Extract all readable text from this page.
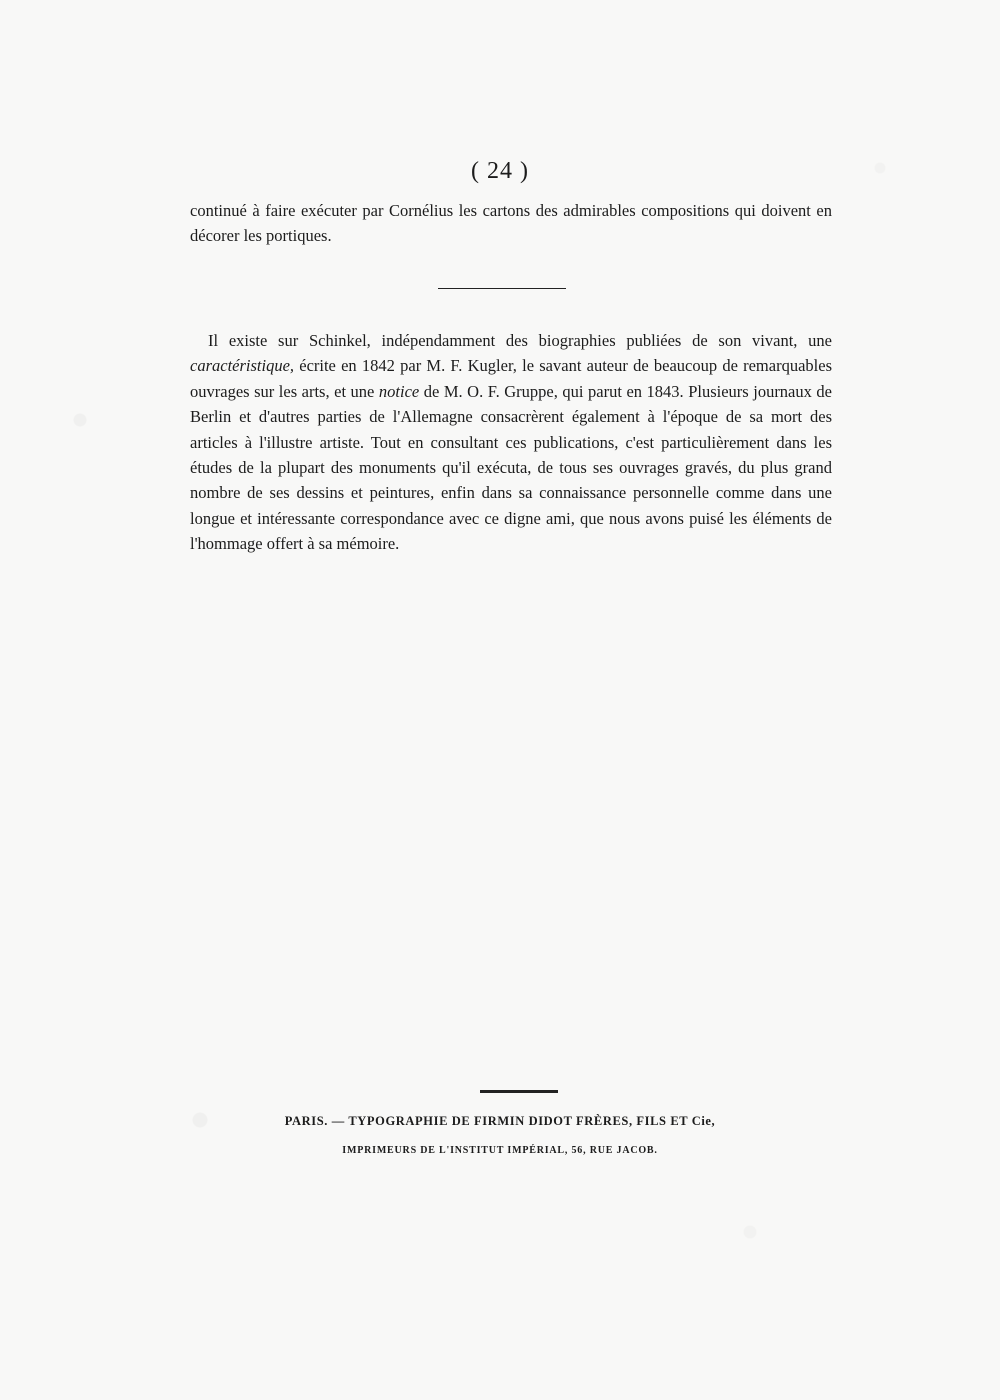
( 24 )

continué à faire exécuter par Cornélius les cartons des admirables compositions qui doivent en décorer les portiques.

Il existe sur Schinkel, indépendamment des biographies publiées de son vivant, une caractéristique, écrite en 1842 par M. F. Kugler, le savant auteur de beaucoup de remarquables ouvrages sur les arts, et une notice de M. O. F. Gruppe, qui parut en 1843. Plusieurs journaux de Berlin et d'autres parties de l'Allemagne consacrèrent également à l'époque de sa mort des articles à l'illustre artiste. Tout en consultant ces publications, c'est particulièrement dans les études de la plupart des monuments qu'il exécuta, de tous ses ouvrages gravés, du plus grand nombre de ses dessins et peintures, enfin dans sa connaissance personnelle comme dans une longue et intéressante correspondance avec ce digne ami, que nous avons puisé les éléments de l'hommage offert à sa mémoire.

PARIS. — TYPOGRAPHIE DE FIRMIN DIDOT FRÈRES, FILS ET Cie,
IMPRIMEURS DE L'INSTITUT IMPÉRIAL, 56, RUE JACOB.
